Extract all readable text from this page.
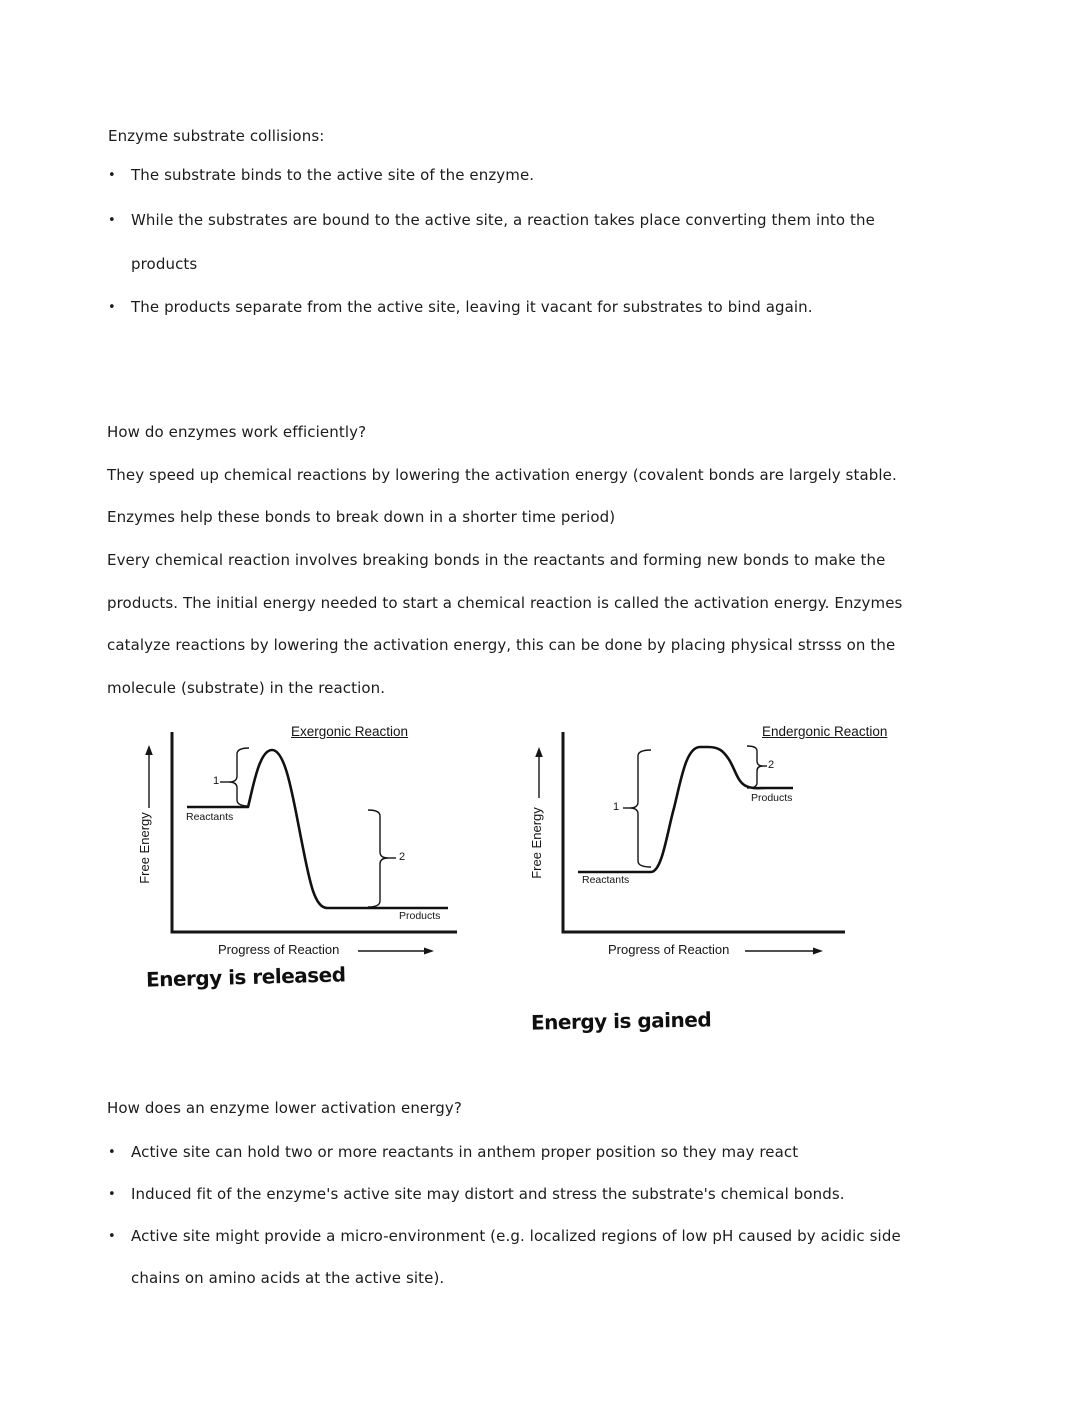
Enzyme substrate collisions:
• The substrate binds to the active site of the enzyme.
• While the substrates are bound to the active site, a reaction takes place converting them into the
products
• The products separate from the active site, leaving it vacant for substrates to bind again.
How do enzymes work efficiently?
They speed up chemical reactions by lowering the activation energy (covalent bonds are largely stable.
Enzymes help these bonds to break down in a shorter time period)
Every chemical reaction involves breaking bonds in the reactants and forming new bonds to make the
products. The initial energy needed to start a chemical reaction is called the activation energy. Enzymes
catalyze reactions by lowering the activation energy, this can be done by placing physical strsss on the
molecule (substrate) in the reaction.
Exergonic Reaction
Free Energy
1
2
Reactants
Products
Progress of Reaction
Endergonic Reaction
Free Energy
1
2
Reactants
Products
Progress of Reaction
Energy is released
Energy is gained
How does an enzyme lower activation energy?
• Active site can hold two or more reactants in anthem proper position so they may react
• Induced fit of the enzyme's active site may distort and stress the substrate's chemical bonds.
• Active site might provide a micro-environment (e.g. localized regions of low pH caused by acidic side
chains on amino acids at the active site).
